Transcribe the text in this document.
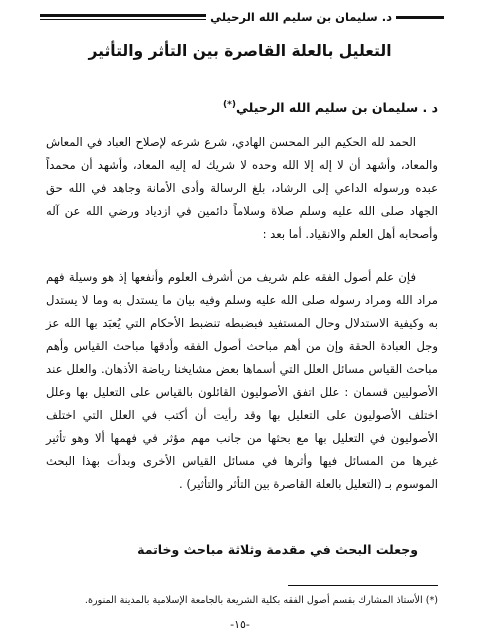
د. سليمان بن سليم الله الرحيلي
التعليل بالعلة القاصرة بين التأثر والتأثير
د . سليمان بن سليم الله الرحيلي(*)

الحمد لله الحكيم البر المحسن الهادي، شرع شرعه لإصلاح العباد في المعاش والمعاد، وأشهد أن لا إله إلا الله وحده لا شريك له إليه المعاد، وأشهد أن محمداً عبده ورسوله الداعي إلى الرشاد، بلغ الرسالة وأدى الأمانة وجاهد في الله حق الجهاد صلى الله عليه وسلم صلاة وسلاماً دائمين في ازدياد ورضي الله عن آله وأصحابه أهل العلم والانقياد. أما بعد :

فإن علم أصول الفقه علم شريف من أشرف العلوم وأنفعها إذ هو وسيلة فهم مراد الله ومراد رسوله صلى الله عليه وسلم وفيه بيان ما يستدل به وما لا يستدل به وكيفية الاستدلال وحال المستفيد فبضبطه تنضبط الأحكام التي يُعبَد بها الله عز وجل العبادة الحقة وإن من أهم مباحث أصول الفقه وأدقها مباحث القياس وأهم مباحث القياس مسائل العلل التي أسماها بعض مشايخنا رياضة الأذهان. والعلل عند الأصوليين قسمان : علل اتفق الأصوليون القائلون بالقياس على التعليل بها وعلل اختلف الأصوليون على التعليل بها وقد رأيت أن أكتب في العلل التي اختلف الأصوليون في التعليل بها مع بحثها من جانب مهم مؤثر في فهمها ألا وهو تأثير غيرها من المسائل فيها وأثرها في مسائل القياس الأخرى وبدأت بهذا البحث الموسوم بـ (التعليل بالعلة القاصرة بين التأثر والتأثير) .

وجعلت البحث في مقدمة وثلاثة مباحث وخاتمة
(*) الأستاذ المشارك بقسم أصول الفقه بكلية الشريعة بالجامعة الإسلامية بالمدينة المنورة.
-١٥-
